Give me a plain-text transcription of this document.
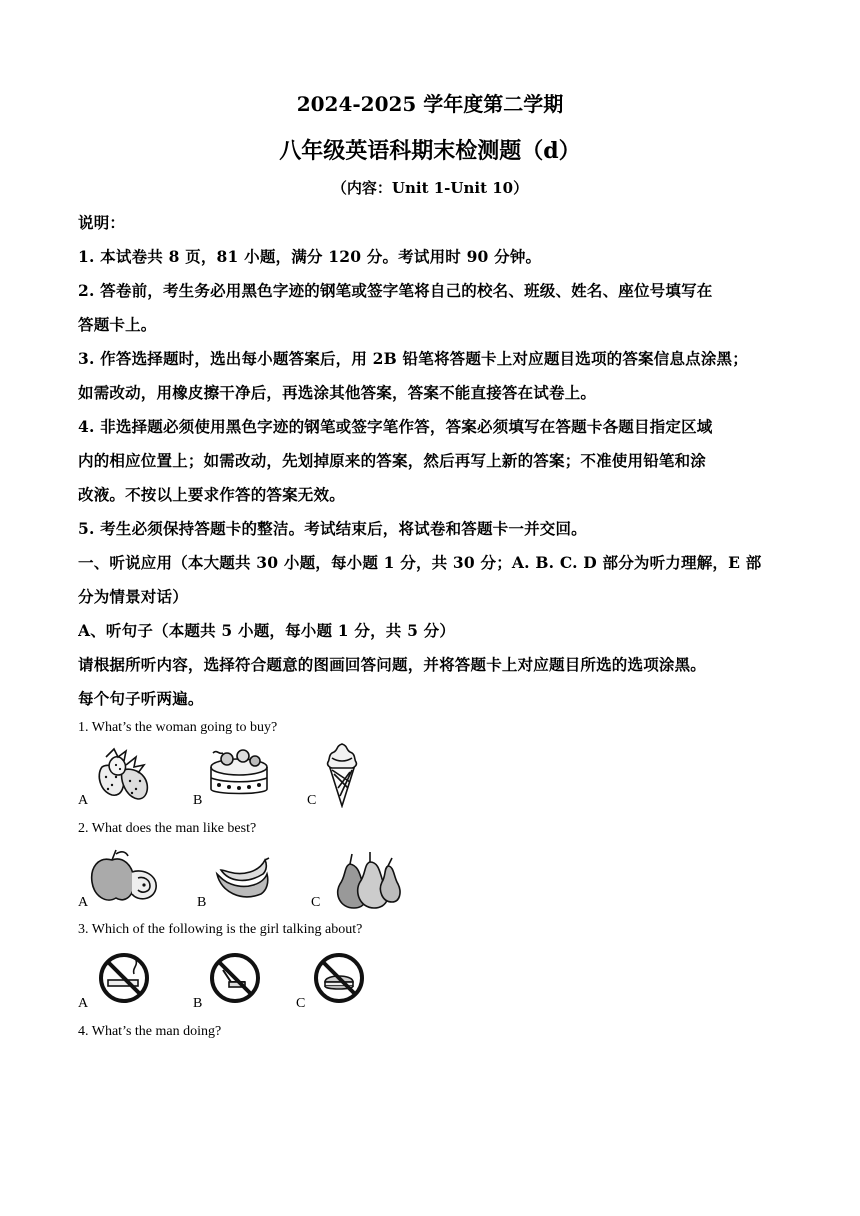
2024-2025 学年度第二学期
八年级英语科期末检测题（d）
（内容：Unit 1-Unit 10）
说明：
1. 本试卷共 8 页，81 小题，满分 120 分。考试用时 90 分钟。
2. 答卷前，考生务必用黑色字迹的钢笔或签字笔将自己的校名、班级、姓名、座位号填写在
答题卡上。
3. 作答选择题时，选出每小题答案后，用 2B 铅笔将答题卡上对应题目选项的答案信息点涂黑；
如需改动，用橡皮擦干净后，再选涂其他答案，答案不能直接答在试卷上。
4. 非选择题必须使用黑色字迹的钢笔或签字笔作答，答案必须填写在答题卡各题目指定区域
内的相应位置上；如需改动，先划掉原来的答案，然后再写上新的答案；不准使用铅笔和涂
改液。不按以上要求作答的答案无效。
5. 考生必须保持答题卡的整洁。考试结束后，将试卷和答题卡一并交回。
一、听说应用（本大题共 30 小题，每小题 1 分，共 30 分；A. B. C. D 部分为听力理解，E 部
分为情景对话）
A、听句子（本题共 5 小题，每小题 1 分，共 5 分）
请根据所听内容，选择符合题意的图画回答问题，并将答题卡上对应题目所选的选项涂黑。
每个句子听两遍。
1. What’s the woman going to buy?
A	B	C
2. What does the man like best?
A	B	C
3. Which of the following is the girl talking about?
A	B	C
4. What’s the man doing?
